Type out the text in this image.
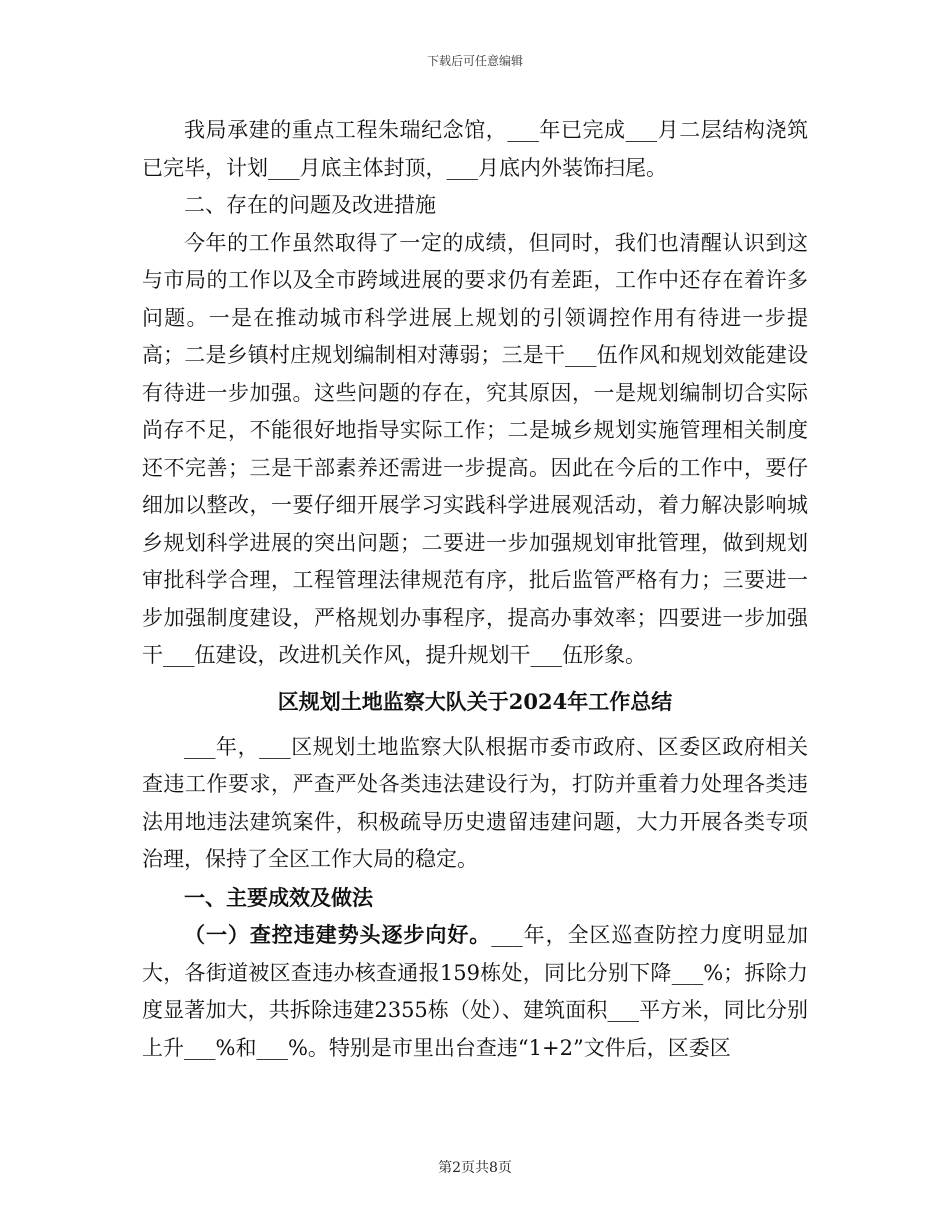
下载后可任意编辑

我局承建的重点工程朱瑞纪念馆，___年已完成___月二层结构浇筑已完毕，计划___月底主体封顶，___月底内外装饰扫尾。

二、存在的问题及改进措施

今年的工作虽然取得了一定的成绩，但同时，我们也清醒认识到这与市局的工作以及全市跨域进展的要求仍有差距，工作中还存在着许多问题。一是在推动城市科学进展上规划的引领调控作用有待进一步提高；二是乡镇村庄规划编制相对薄弱；三是干___伍作风和规划效能建设有待进一步加强。这些问题的存在，究其原因，一是规划编制切合实际尚存不足，不能很好地指导实际工作；二是城乡规划实施管理相关制度还不完善；三是干部素养还需进一步提高。因此在今后的工作中，要仔细加以整改，一要仔细开展学习实践科学进展观活动，着力解决影响城乡规划科学进展的突出问题；二要进一步加强规划审批管理，做到规划审批科学合理，工程管理法律规范有序，批后监管严格有力；三要进一步加强制度建设，严格规划办事程序，提高办事效率；四要进一步加强干___伍建设，改进机关作风，提升规划干___伍形象。

区规划土地监察大队关于2024年工作总结

___年，___区规划土地监察大队根据市委市政府、区委区政府相关查违工作要求，严查严处各类违法建设行为，打防并重着力处理各类违法用地违法建筑案件，积极疏导历史遗留违建问题，大力开展各类专项治理，保持了全区工作大局的稳定。

一、主要成效及做法

（一）查控违建势头逐步向好。___年，全区巡查防控力度明显加大，各街道被区查违办核查通报159栋处，同比分别下降___%；拆除力度显著加大，共拆除违建2355栋（处）、建筑面积___平方米，同比分别上升___%和___%。特别是市里出台查违“1+2”文件后，区委区

第2页共8页
